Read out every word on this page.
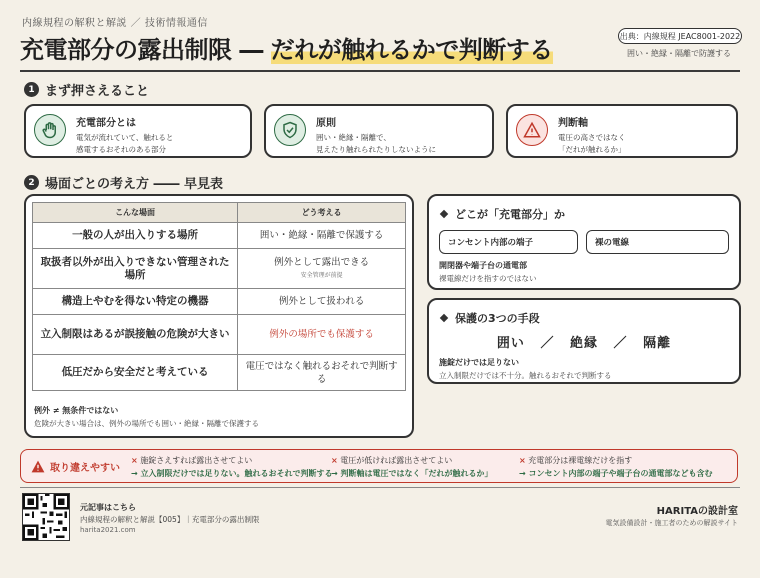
内線規程の解釈と解説 ／ 技術情報通信
充電部分の露出制限 ― だれが触れるかで判断する	出典：内線規程 JEAC8001-2022
囲い・絶縁・隔離で防護する
1 まず押さえること
充電部分とは
電気が流れていて、触れると
感電するおそれのある部分
原則
囲い・絶縁・隔離で、
見えたり触れられたりしないように
判断軸
電圧の高さではなく
「だれが触れるか」
2 場面ごとの考え方 ―― 早見表
こんな場面	どう考える
一般の人が出入りする場所	囲い・絶縁・隔離で保護する
取扱者以外が出入りできない管理された場所	例外として露出できる
安全管理が前提

構造上やむを得ない特定の機器	例外として扱われる
立入制限はあるが誤接触の危険が大きい	例外の場所でも保護する
低圧だから安全だと考えている	電圧ではなく触れるおそれで判断する
例外 ≠ 無条件ではない
危険が大きい場合は、例外の場所でも囲い・絶縁・隔離で保護する
どこが「充電部分」か
コンセント内部の端子	裸の電線
開閉器や端子台の通電部
裸電線だけを指すのではない
保護の3つの手段
囲い ／ 絶縁 ／ 隔離
施錠だけでは足りない
立入制限だけでは不十分。触れるおそれで判断する
取り違えやすい
× 施錠さえすれば露出させてよい
→ 立入制限だけでは足りない。触れるおそれで判断する
× 電圧が低ければ露出させてよい
→ 判断軸は電圧ではなく「だれが触れるか」
× 充電部分は裸電線だけを指す
→ コンセント内部の端子や端子台の通電部なども含む
元記事はこちら
内線規程の解釈と解説【005】｜充電部分の露出制限
harita2021.com
HARITAの設計室
電気設備設計・施工者のための解説サイト
